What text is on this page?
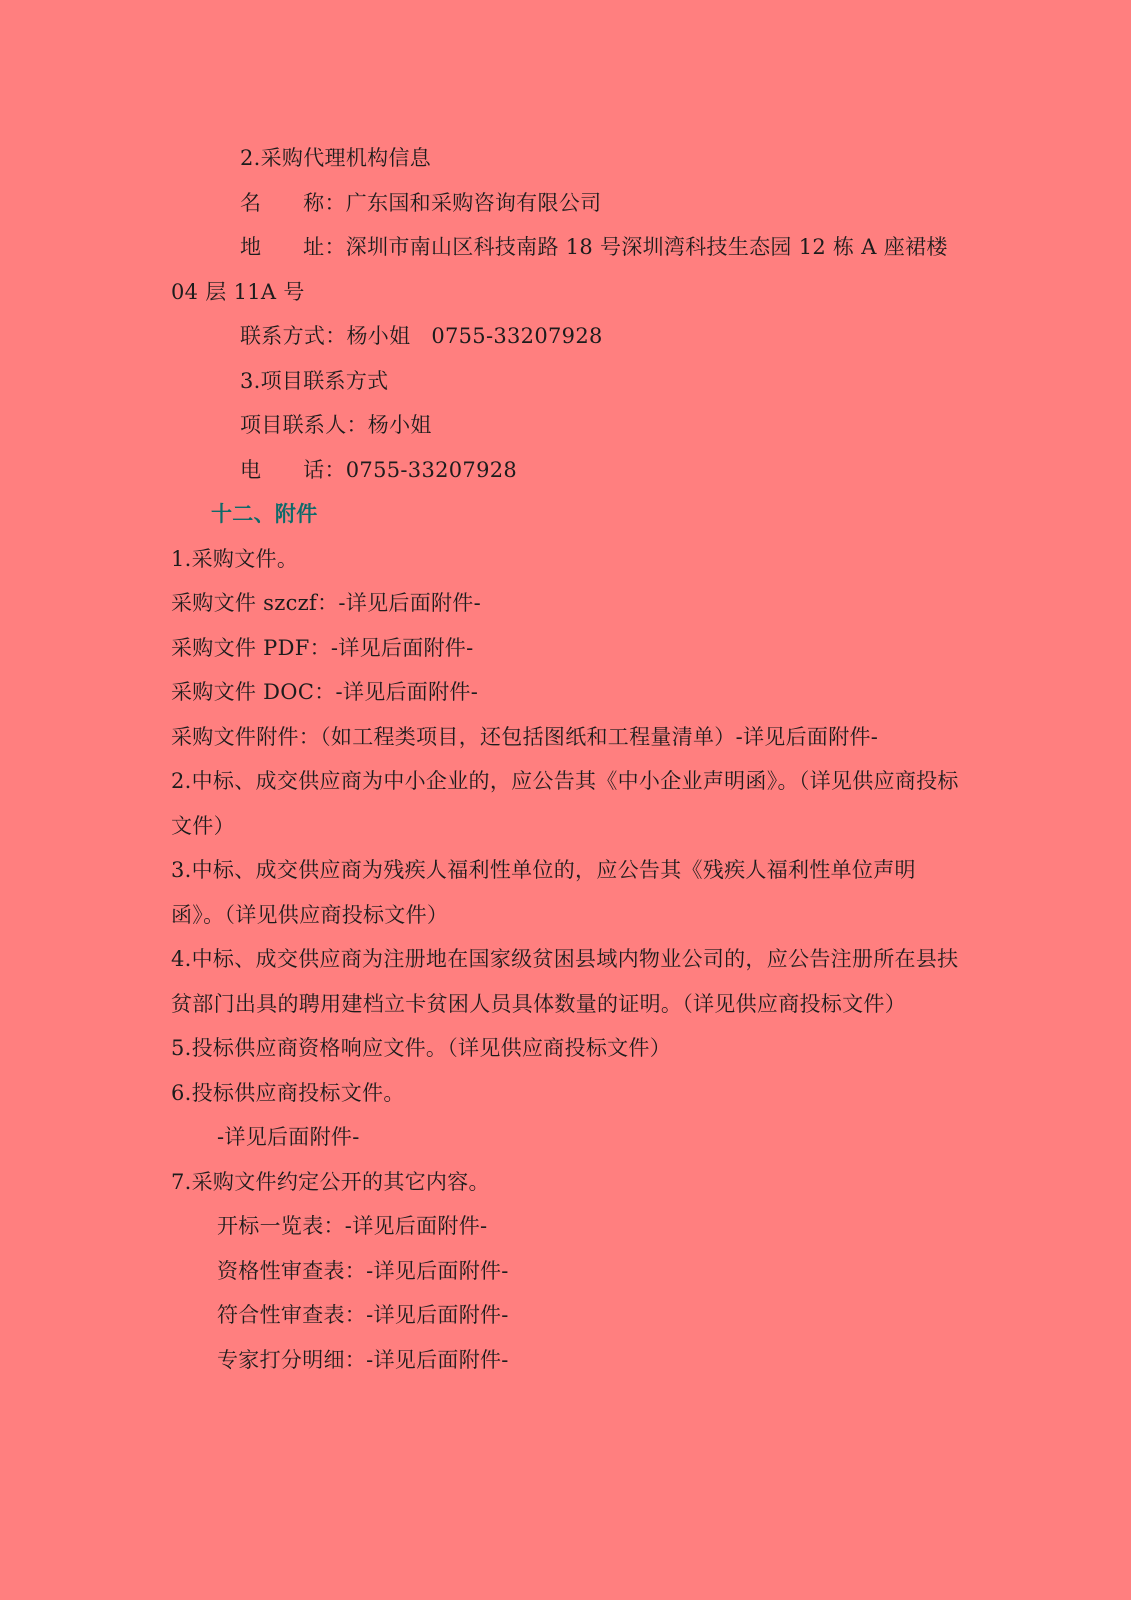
2.采购代理机构信息
名      称：广东国和采购咨询有限公司
地      址：深圳市南山区科技南路 18 号深圳湾科技生态园 12 栋 A 座裙楼 04 层 11A 号
联系方式：杨小姐   0755-33207928
3.项目联系方式
项目联系人：杨小姐
电      话：0755-33207928
十二、附件
1.采购文件。
采购文件 szczf：-详见后面附件-
采购文件 PDF：-详见后面附件-
采购文件 DOC：-详见后面附件-
采购文件附件：（如工程类项目，还包括图纸和工程量清单）-详见后面附件-
2.中标、成交供应商为中小企业的，应公告其《中小企业声明函》。（详见供应商投标文件）
3.中标、成交供应商为残疾人福利性单位的，应公告其《残疾人福利性单位声明函》。（详见供应商投标文件）
4.中标、成交供应商为注册地在国家级贫困县域内物业公司的，应公告注册所在县扶贫部门出具的聘用建档立卡贫困人员具体数量的证明。（详见供应商投标文件）
5.投标供应商资格响应文件。（详见供应商投标文件）
6.投标供应商投标文件。
-详见后面附件-
7.采购文件约定公开的其它内容。
开标一览表：-详见后面附件-
资格性审查表：-详见后面附件-
符合性审查表：-详见后面附件-
专家打分明细：-详见后面附件-
